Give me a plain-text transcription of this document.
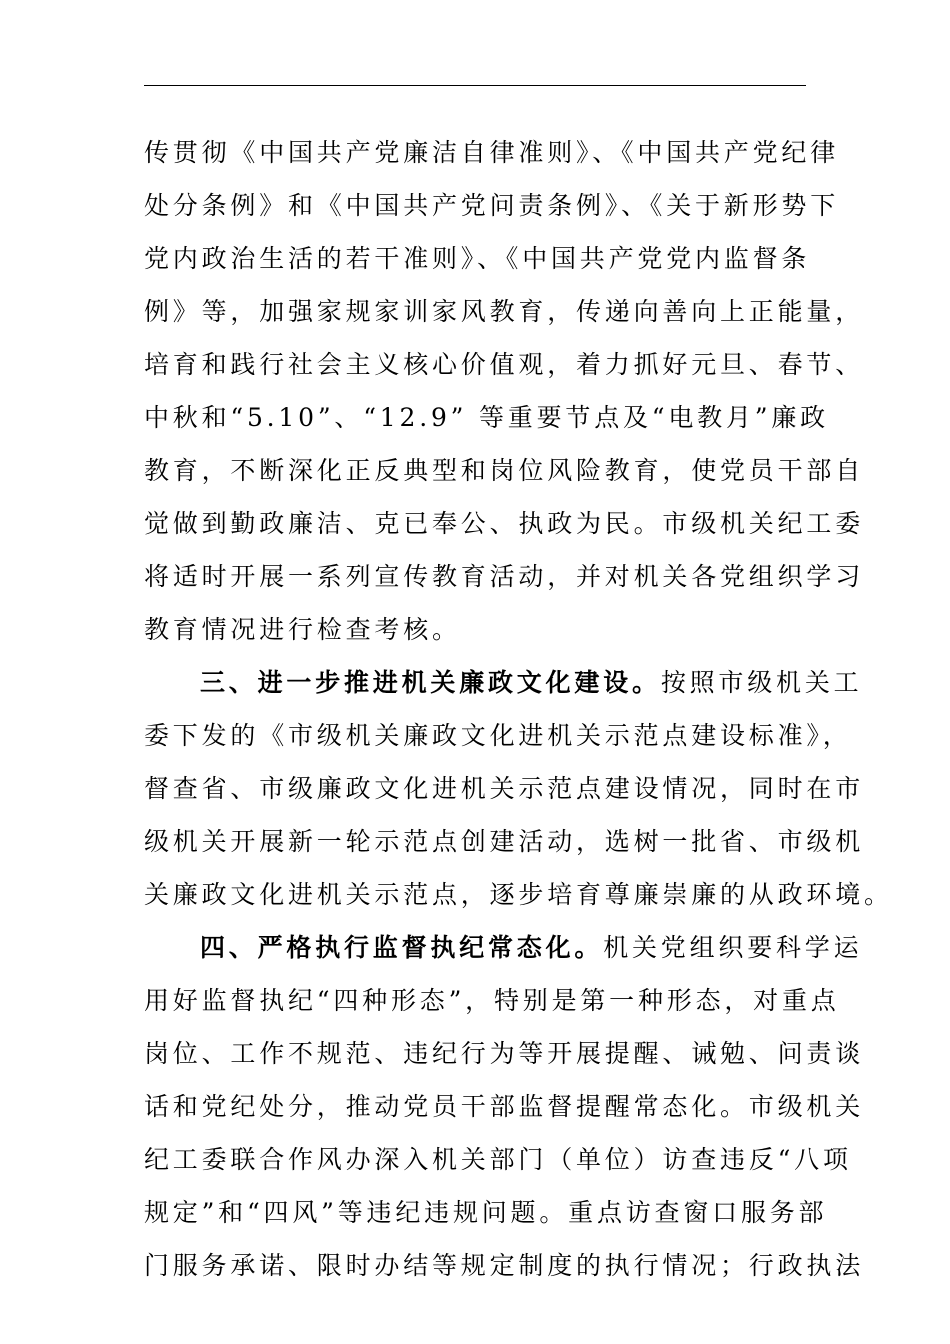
传贯彻《中国共产党廉洁自律准则》、《中国共产党纪律
处分条例》和《中国共产党问责条例》、《关于新形势下
党内政治生活的若干准则》、《中国共产党党内监督条
例》等，加强家规家训家风教育，传递向善向上正能量，
培育和践行社会主义核心价值观，着力抓好元旦、春节、
中秋和“5.10”、“12.9” 等重要节点及“电教月”廉政
教育，不断深化正反典型和岗位风险教育，使党员干部自
觉做到勤政廉洁、克已奉公、执政为民。市级机关纪工委
将适时开展一系列宣传教育活动，并对机关各党组织学习
教育情况进行检查考核。
三、进一步推进机关廉政文化建设。按照市级机关工
委下发的《市级机关廉政文化进机关示范点建设标准》，
督查省、市级廉政文化进机关示范点建设情况，同时在市
级机关开展新一轮示范点创建活动，选树一批省、市级机
关廉政文化进机关示范点，逐步培育尊廉崇廉的从政环境。
四、严格执行监督执纪常态化。机关党组织要科学运
用好监督执纪“四种形态”，特别是第一种形态，对重点
岗位、工作不规范、违纪行为等开展提醒、诫勉、问责谈
话和党纪处分，推动党员干部监督提醒常态化。市级机关
纪工委联合作风办深入机关部门（单位）访查违反“八项
规定”和“四风”等违纪违规问题。重点访查窗口服务部
门服务承诺、限时办结等规定制度的执行情况；行政执法
